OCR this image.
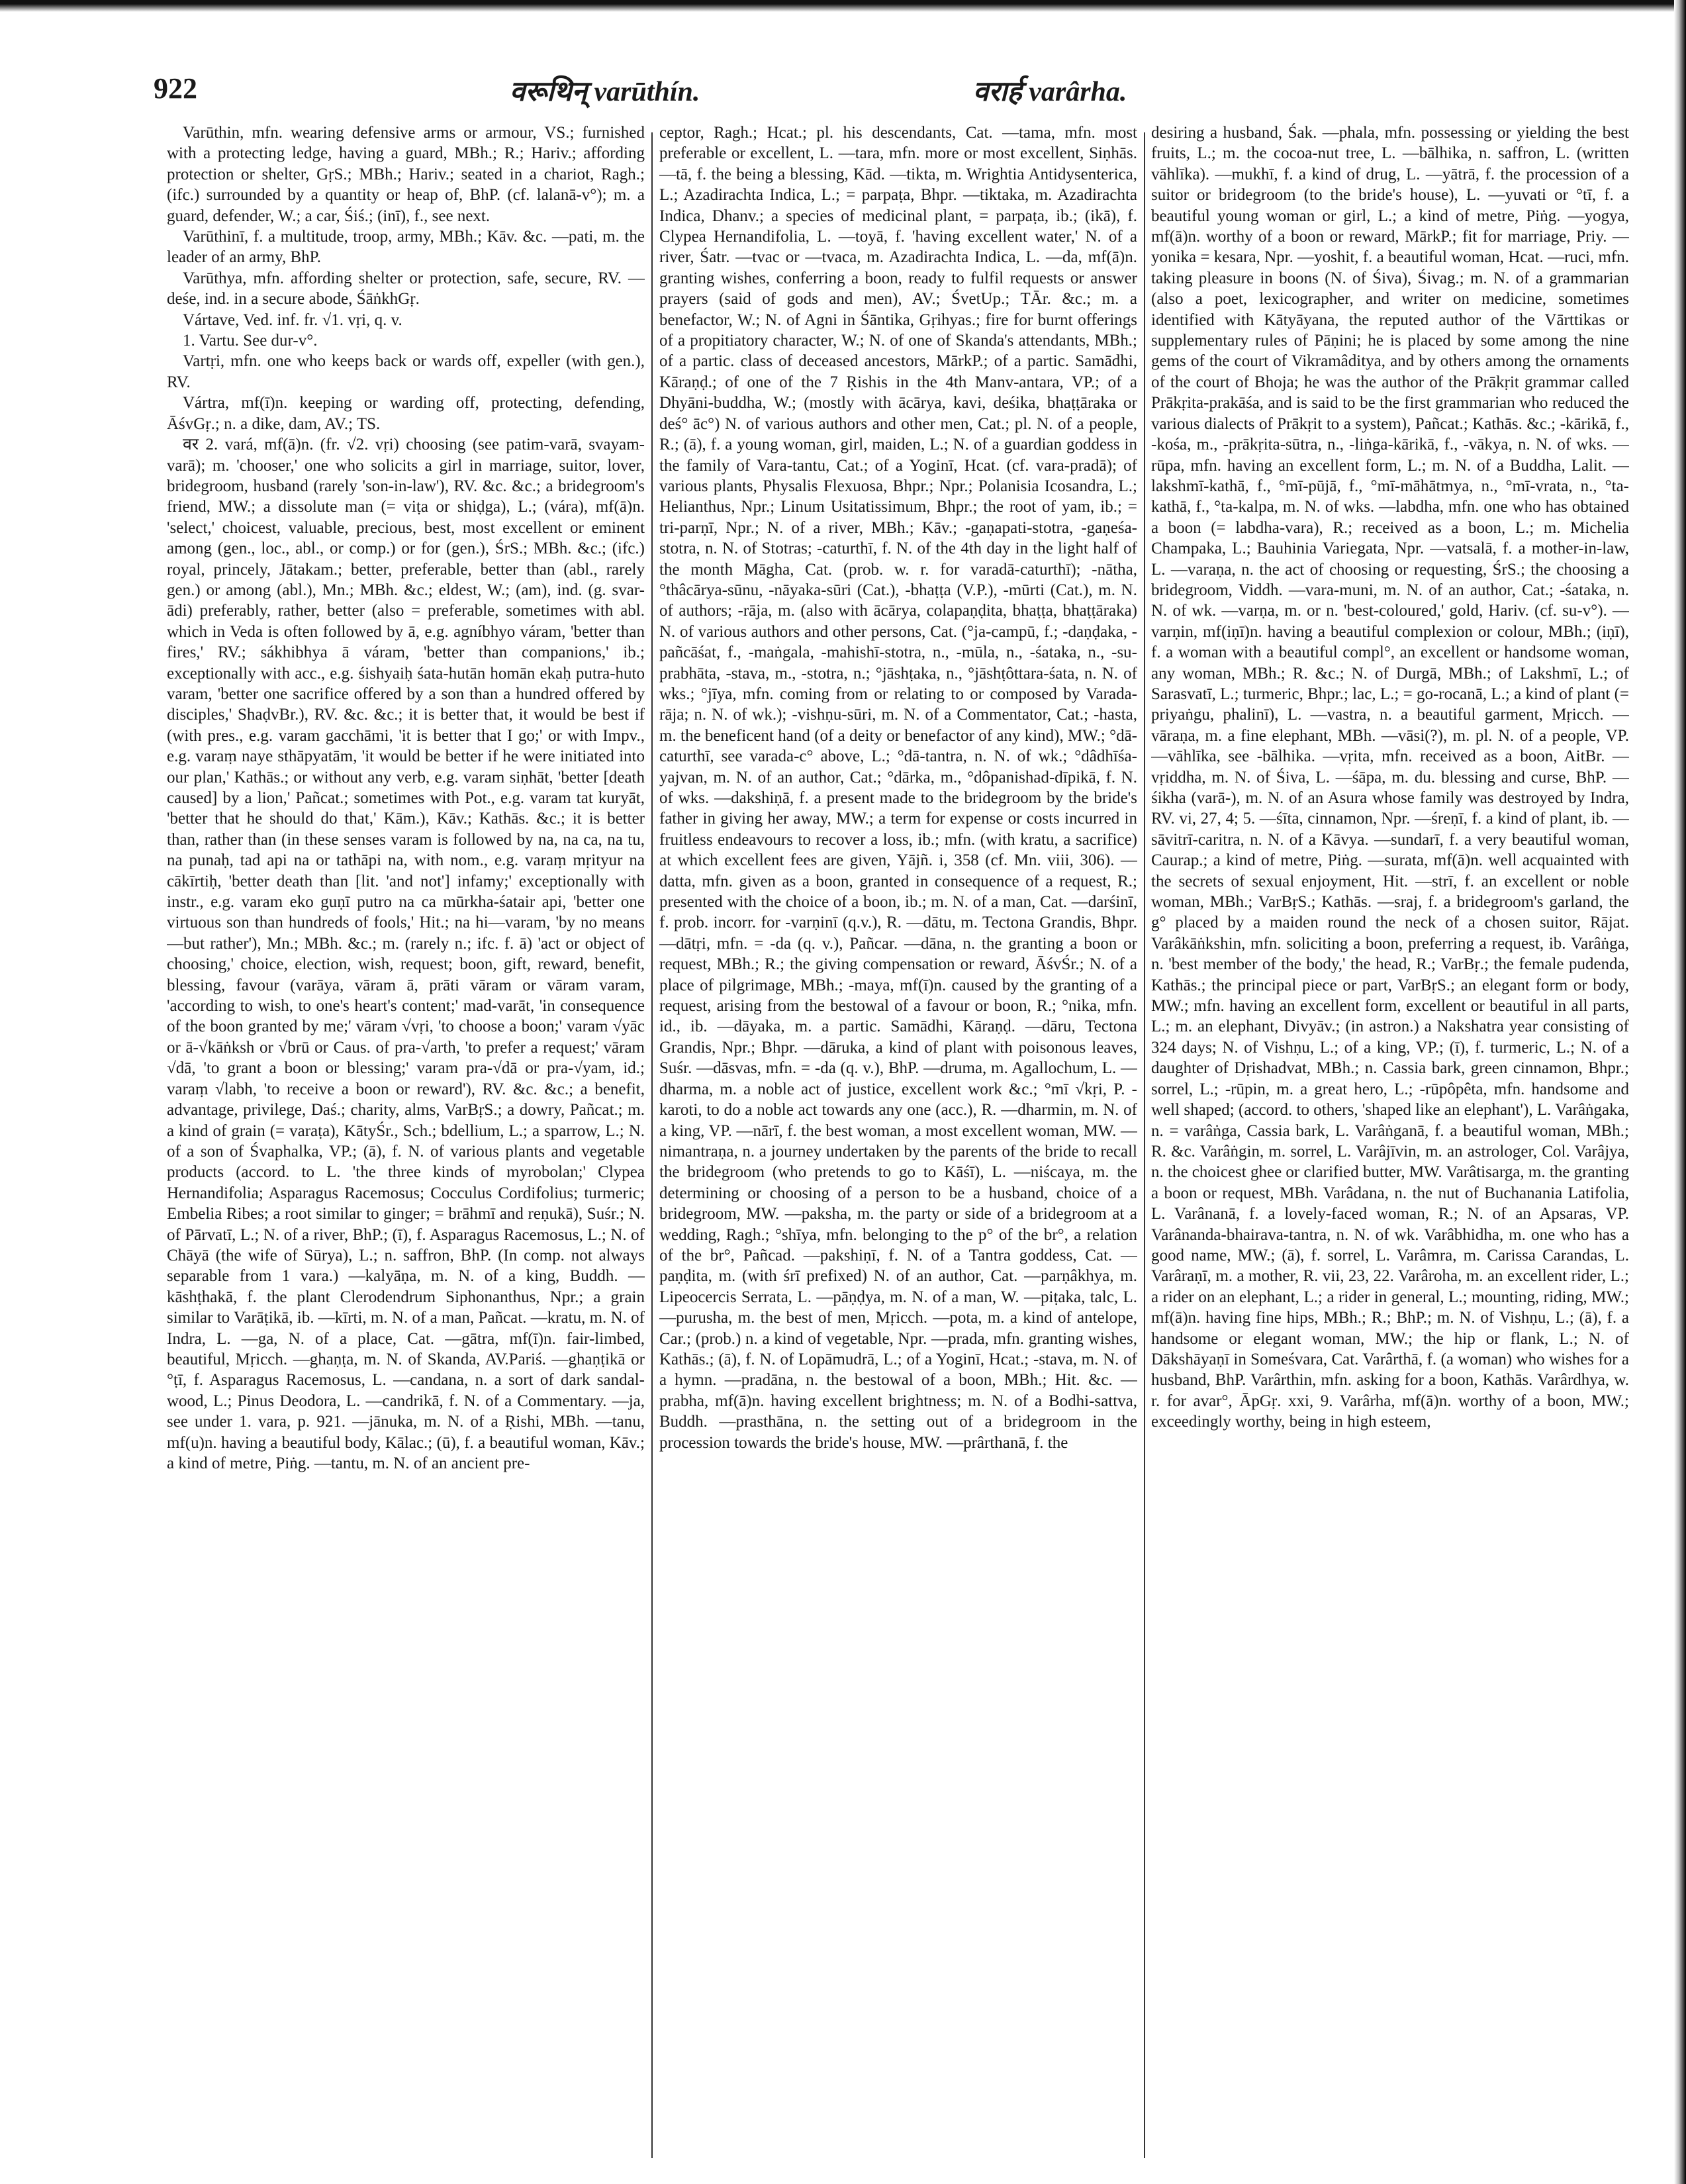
922	वरूथिन् varūthín.	वरार्ह varârha.

Varūthin, mfn. wearing defensive arms or armour, VS.; furnished with a protecting ledge, having a guard, MBh.; R.; Hariv.; affording protection or shelter, GṛS.; MBh.; Hariv.; seated in a chariot, Ragh.; (ifc.) surrounded by a quantity or heap of, BhP. (cf. lalanā-v°); m. a guard, defender, W.; a car, Śiś.; (inī), f., see next.

Varūthinī, f. a multitude, troop, army, MBh.; Kāv. &c. —pati, m. the leader of an army, BhP.

Varūthya, mfn. affording shelter or protection, safe, secure, RV. —deśe, ind. in a secure abode, ŚāṅkhGṛ.

Vártave, Ved. inf. fr. √1. vṛi, q. v.

1. Vartu. See dur-v°.

Vartṛi, mfn. one who keeps back or wards off, expeller (with gen.), RV.

Vártra, mf(ī)n. keeping or warding off, protecting, defending, ĀśvGṛ.; n. a dike, dam, AV.; TS.

वर 2. vará, mf(ā)n. (fr. √2. vṛi) choosing (see patim-varā, svayam-varā); m. 'chooser,' one who solicits a girl in marriage, suitor, lover, bridegroom, husband (rarely 'son-in-law'), RV. &c. &c.; a bridegroom's friend, MW.; a dissolute man (= viṭa or shiḍga), L.; (vára), mf(ā)n. 'select,' choicest, valuable, precious, best, most excellent or eminent among (gen., loc., abl., or comp.) or for (gen.), ŚrS.; MBh. &c.; (ifc.) royal, princely, Jātakam.; better, preferable, better than (abl., rarely gen.) or among (abl.), Mn.; MBh. &c.; eldest, W.; (am), ind. (g. svar-ādi) preferably, rather, better (also = preferable, sometimes with abl. which in Veda is often followed by ā, e.g. agníbhyo váram, 'better than fires,' RV.; sákhibhya ā váram, 'better than companions,' ib.; exceptionally with acc., e.g. śishyaiḥ śata-hutān homān ekaḥ putra-huto varam, 'better one sacrifice offered by a son than a hundred offered by disciples,' ShaḍvBr.), RV. &c. &c.; it is better that, it would be best if (with pres., e.g. varam gacchāmi, 'it is better that I go;' or with Impv., e.g. varaṃ naye sthāpyatām, 'it would be better if he were initiated into our plan,' Kathās.; or without any verb, e.g. varam siṇhāt, 'better [death caused] by a lion,' Pañcat.; sometimes with Pot., e.g. varam tat kuryāt, 'better that he should do that,' Kām.), Kāv.; Kathās. &c.; it is better than, rather than (in these senses varam is followed by na, na ca, na tu, na punaḥ, tad api na or tathāpi na, with nom., e.g. varaṃ mṛityur na cākīrtiḥ, 'better death than [lit. 'and not'] infamy;' exceptionally with instr., e.g. varam eko guṇī putro na ca mūrkha-śatair api, 'better one virtuous son than hundreds of fools,' Hit.; na hi—varam, 'by no means—but rather'), Mn.; MBh. &c.; m. (rarely n.; ifc. f. ā) 'act or object of choosing,' choice, election, wish, request; boon, gift, reward, benefit, blessing, favour (varāya, vāram ā, prāti vāram or vāram varam, 'according to wish, to one's heart's content;' mad-varāt, 'in consequence of the boon granted by me;' vāram √vṛi, 'to choose a boon;' varam √yāc or ā-√kāṅksh or √brū or Caus. of pra-√arth, 'to prefer a request;' vāram √dā, 'to grant a boon or blessing;' varam pra-√dā or pra-√yam, id.; varaṃ √labh, 'to receive a boon or reward'), RV. &c. &c.; a benefit, advantage, privilege, Daś.; charity, alms, VarBṛS.; a dowry, Pañcat.; m. a kind of grain (= varaṭa), KātyŚr., Sch.; bdellium, L.; a sparrow, L.; N. of a son of Śvaphalka, VP.; (ā), f. N. of various plants and vegetable products (accord. to L. 'the three kinds of myrobolan;' Clypea Hernandifolia; Asparagus Racemosus; Cocculus Cordifolius; turmeric; Embelia Ribes; a root similar to ginger; = brāhmī and reṇukā), Suśr.; N. of Pārvatī, L.; N. of a river, BhP.; (ī), f. Asparagus Racemosus, L.; N. of Chāyā (the wife of Sūrya), L.; n. saffron, BhP. (In comp. not always separable from 1 vara.) —kalyāṇa, m. N. of a king, Buddh. —kāshṭhakā, f. the plant Clerodendrum Siphonanthus, Npr.; a grain similar to Varāṭikā, ib. —kīrti, m. N. of a man, Pañcat. —kratu, m. N. of Indra, L. —ga, N. of a place, Cat. —gātra, mf(ī)n. fair-limbed, beautiful, Mṛicch. —ghaṇṭa, m. N. of Skanda, AV.Pariś. —ghaṇṭikā or °ṭī, f. Asparagus Racemosus, L. —candana, n. a sort of dark sandal-wood, L.; Pinus Deodora, L. —candrikā, f. N. of a Commentary. —ja, see under 1. vara, p. 921. —jānuka, m. N. of a Ṛishi, MBh. —tanu, mf(u)n. having a beautiful body, Kālac.; (ū), f. a beautiful woman, Kāv.; a kind of metre, Piṅg. —tantu, m. N. of an ancient pre-

ceptor, Ragh.; Hcat.; pl. his descendants, Cat. —tama, mfn. most preferable or excellent, L. —tara, mfn. more or most excellent, Siṇhās. —tā, f. the being a blessing, Kād. —tikta, m. Wrightia Antidysenterica, L.; Azadirachta Indica, L.; = parpaṭa, Bhpr. —tiktaka, m. Azadirachta Indica, Dhanv.; a species of medicinal plant, = parpaṭa, ib.; (ikā), f. Clypea Hernandifolia, L. —toyā, f. 'having excellent water,' N. of a river, Śatr. —tvac or —tvaca, m. Azadirachta Indica, L. —da, mf(ā)n. granting wishes, conferring a boon, ready to fulfil requests or answer prayers (said of gods and men), AV.; ŚvetUp.; TĀr. &c.; m. a benefactor, W.; N. of Agni in Śāntika, Gṛihyas.; fire for burnt offerings of a propitiatory character, W.; N. of one of Skanda's attendants, MBh.; of a partic. class of deceased ancestors, MārkP.; of a partic. Samādhi, Kāraṇḍ.; of one of the 7 Ṛishis in the 4th Manv-antara, VP.; of a Dhyāni-buddha, W.; (mostly with ācārya, kavi, deśika, bhaṭṭāraka or deś° āc°) N. of various authors and other men, Cat.; pl. N. of a people, R.; (ā), f. a young woman, girl, maiden, L.; N. of a guardian goddess in the family of Vara-tantu, Cat.; of a Yoginī, Hcat. (cf. vara-pradā); of various plants, Physalis Flexuosa, Bhpr.; Npr.; Polanisia Icosandra, L.; Helianthus, Npr.; Linum Usitatissimum, Bhpr.; the root of yam, ib.; = tri-parṇī, Npr.; N. of a river, MBh.; Kāv.; -gaṇapati-stotra, -gaṇeśa-stotra, n. N. of Stotras; -caturthī, f. N. of the 4th day in the light half of the month Māgha, Cat. (prob. w. r. for varadā-caturthī); -nātha, °thâcārya-sūnu, -nāyaka-sūri (Cat.), -bhaṭṭa (V.P.), -mūrti (Cat.), m. N. of authors; -rāja, m. (also with ācārya, colapaṇḍita, bhaṭṭa, bhaṭṭāraka) N. of various authors and other persons, Cat. (°ja-campū, f.; -daṇḍaka, -pañcāśat, f., -maṅgala, -mahishī-stotra, n., -mūla, n., -śataka, n., -su-prabhāta, -stava, m., -stotra, n.; °jāshṭaka, n., °jāshṭôttara-śata, n. N. of wks.; °jīya, mfn. coming from or relating to or composed by Varada-rāja; n. N. of wk.); -vishṇu-sūri, m. N. of a Commentator, Cat.; -hasta, m. the beneficent hand (of a deity or benefactor of any kind), MW.; °dā-caturthī, see varada-c° above, L.; °dā-tantra, n. N. of wk.; °dâdhīśa-yajvan, m. N. of an author, Cat.; °dārka, m., °dôpanishad-dīpikā, f. N. of wks. —dakshiṇā, f. a present made to the bridegroom by the bride's father in giving her away, MW.; a term for expense or costs incurred in fruitless endeavours to recover a loss, ib.; mfn. (with kratu, a sacrifice) at which excellent fees are given, Yājñ. i, 358 (cf. Mn. viii, 306). —datta, mfn. given as a boon, granted in consequence of a request, R.; presented with the choice of a boon, ib.; m. N. of a man, Cat. —darśinī, f. prob. incorr. for -varṇinī (q.v.), R. —dātu, m. Tectona Grandis, Bhpr. —dātṛi, mfn. = -da (q. v.), Pañcar. —dāna, n. the granting a boon or request, MBh.; R.; the giving compensation or reward, ĀśvŚr.; N. of a place of pilgrimage, MBh.; -maya, mf(ī)n. caused by the granting of a request, arising from the bestowal of a favour or boon, R.; °nika, mfn. id., ib. —dāyaka, m. a partic. Samādhi, Kāraṇḍ. —dāru, Tectona Grandis, Npr.; Bhpr. —dāruka, a kind of plant with poisonous leaves, Suśr. —dāsvas, mfn. = -da (q. v.), BhP. —druma, m. Agallochum, L. —dharma, m. a noble act of justice, excellent work &c.; °mī √kṛi, P. -karoti, to do a noble act towards any one (acc.), R. —dharmin, m. N. of a king, VP. —nārī, f. the best woman, a most excellent woman, MW. —nimantraṇa, n. a journey undertaken by the parents of the bride to recall the bridegroom (who pretends to go to Kāśī), L. —niścaya, m. the determining or choosing of a person to be a husband, choice of a bridegroom, MW. —paksha, m. the party or side of a bridegroom at a wedding, Ragh.; °shīya, mfn. belonging to the p° of the br°, a relation of the br°, Pañcad. —pakshiṇī, f. N. of a Tantra goddess, Cat. —paṇḍita, m. (with śrī prefixed) N. of an author, Cat. —parṇâkhya, m. Lipeocercis Serrata, L. —pāṇḍya, m. N. of a man, W. —piṭaka, talc, L. —purusha, m. the best of men, Mṛicch. —pota, m. a kind of antelope, Car.; (prob.) n. a kind of vegetable, Npr. —prada, mfn. granting wishes, Kathās.; (ā), f. N. of Lopāmudrā, L.; of a Yoginī, Hcat.; -stava, m. N. of a hymn. —pradāna, n. the bestowal of a boon, MBh.; Hit. &c. —prabha, mf(ā)n. having excellent brightness; m. N. of a Bodhi-sattva, Buddh. —prasthāna, n. the setting out of a bridegroom in the procession towards the bride's house, MW. —prârthanā, f. the

desiring a husband, Śak. —phala, mfn. possessing or yielding the best fruits, L.; m. the cocoa-nut tree, L. —bālhika, n. saffron, L. (written vāhlīka). —mukhī, f. a kind of drug, L. —yātrā, f. the procession of a suitor or bridegroom (to the bride's house), L. —yuvati or °tī, f. a beautiful young woman or girl, L.; a kind of metre, Piṅg. —yogya, mf(ā)n. worthy of a boon or reward, MārkP.; fit for marriage, Priy. —yonika = kesara, Npr. —yoshit, f. a beautiful woman, Hcat. —ruci, mfn. taking pleasure in boons (N. of Śiva), Śivag.; m. N. of a grammarian (also a poet, lexicographer, and writer on medicine, sometimes identified with Kātyāyana, the reputed author of the Vārttikas or supplementary rules of Pāṇini; he is placed by some among the nine gems of the court of Vikramâditya, and by others among the ornaments of the court of Bhoja; he was the author of the Prākṛit grammar called Prākṛita-prakāśa, and is said to be the first grammarian who reduced the various dialects of Prākṛit to a system), Pañcat.; Kathās. &c.; -kārikā, f., -kośa, m., -prākṛita-sūtra, n., -liṅga-kārikā, f., -vākya, n. N. of wks. —rūpa, mfn. having an excellent form, L.; m. N. of a Buddha, Lalit. —lakshmī-kathā, f., °mī-pūjā, f., °mī-māhātmya, n., °mī-vrata, n., °ta-kathā, f., °ta-kalpa, m. N. of wks. —labdha, mfn. one who has obtained a boon (= labdha-vara), R.; received as a boon, L.; m. Michelia Champaka, L.; Bauhinia Variegata, Npr. —vatsalā, f. a mother-in-law, L. —varaṇa, n. the act of choosing or requesting, ŚrS.; the choosing a bridegroom, Viddh. —vara-muni, m. N. of an author, Cat.; -śataka, n. N. of wk. —varṇa, m. or n. 'best-coloured,' gold, Hariv. (cf. su-v°). —varṇin, mf(iṇī)n. having a beautiful complexion or colour, MBh.; (iṇī), f. a woman with a beautiful compl°, an excellent or handsome woman, any woman, MBh.; R. &c.; N. of Durgā, MBh.; of Lakshmī, L.; of Sarasvatī, L.; turmeric, Bhpr.; lac, L.; = go-rocanā, L.; a kind of plant (= priyaṅgu, phalinī), L. —vastra, n. a beautiful garment, Mṛicch. —vāraṇa, m. a fine elephant, MBh. —vāsi(?), m. pl. N. of a people, VP. —vāhlīka, see -bālhika. —vṛita, mfn. received as a boon, AitBr. —vṛiddha, m. N. of Śiva, L. —śāpa, m. du. blessing and curse, BhP. —śikha (varā-), m. N. of an Asura whose family was destroyed by Indra, RV. vi, 27, 4; 5. —śīta, cinnamon, Npr. —śreṇī, f. a kind of plant, ib. —sāvitrī-caritra, n. N. of a Kāvya. —sundarī, f. a very beautiful woman, Caurap.; a kind of metre, Piṅg. —surata, mf(ā)n. well acquainted with the secrets of sexual enjoyment, Hit. —strī, f. an excellent or noble woman, MBh.; VarBṛS.; Kathās. —sraj, f. a bridegroom's garland, the g° placed by a maiden round the neck of a chosen suitor, Rājat. Varâkāṅkshin, mfn. soliciting a boon, preferring a request, ib. Varâṅga, n. 'best member of the body,' the head, R.; VarBṛ.; the female pudenda, Kathās.; the principal piece or part, VarBṛS.; an elegant form or body, MW.; mfn. having an excellent form, excellent or beautiful in all parts, L.; m. an elephant, Divyāv.; (in astron.) a Nakshatra year consisting of 324 days; N. of Vishṇu, L.; of a king, VP.; (ī), f. turmeric, L.; N. of a daughter of Dṛishadvat, MBh.; n. Cassia bark, green cinnamon, Bhpr.; sorrel, L.; -rūpin, m. a great hero, L.; -rūpôpêta, mfn. handsome and well shaped; (accord. to others, 'shaped like an elephant'), L. Varâṅgaka, n. = varâṅga, Cassia bark, L. Varâṅganā, f. a beautiful woman, MBh.; R. &c. Varâṅgin, m. sorrel, L. Varâjīvin, m. an astrologer, Col. Varâjya, n. the choicest ghee or clarified butter, MW. Varâtisarga, m. the granting a boon or request, MBh. Varâdana, n. the nut of Buchanania Latifolia, L. Varânanā, f. a lovely-faced woman, R.; N. of an Apsaras, VP. Varânanda-bhairava-tantra, n. N. of wk. Varâbhidha, m. one who has a good name, MW.; (ā), f. sorrel, L. Varâmra, m. Carissa Carandas, L. Varâraṇī, m. a mother, R. vii, 23, 22. Varâroha, m. an excellent rider, L.; a rider on an elephant, L.; a rider in general, L.; mounting, riding, MW.; mf(ā)n. having fine hips, MBh.; R.; BhP.; m. N. of Vishṇu, L.; (ā), f. a handsome or elegant woman, MW.; the hip or flank, L.; N. of Dākshāyaṇī in Someśvara, Cat. Varârthā, f. (a woman) who wishes for a husband, BhP. Varârthin, mfn. asking for a boon, Kathās. Varârdhya, w. r. for avar°, ĀpGṛ. xxi, 9. Varârha, mf(ā)n. worthy of a boon, MW.; exceedingly worthy, being in high esteem,
